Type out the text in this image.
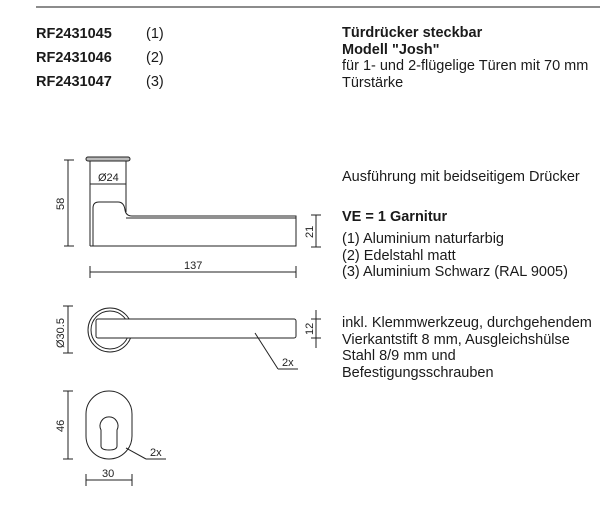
RF2431045	(1)
RF2431046	(2)
RF2431047	(3)
Türdrücker steckbar
Modell "Josh"
für 1- und 2-flügelige Türen mit 70 mm Türstärke
Ausführung mit beidseitigem Drücker
VE = 1 Garnitur
(1) Aluminium naturfarbig
(2) Edelstahl matt
(3) Aluminium Schwarz (RAL 9005)
inkl. Klemmwerkzeug, durchgehendem Vierkantstift 8 mm, Ausgleichshülse Stahl 8/9 mm und Befestigungsschrauben
Ø24
58
21
137
Ø30.5	12
2x
46
30
2x
